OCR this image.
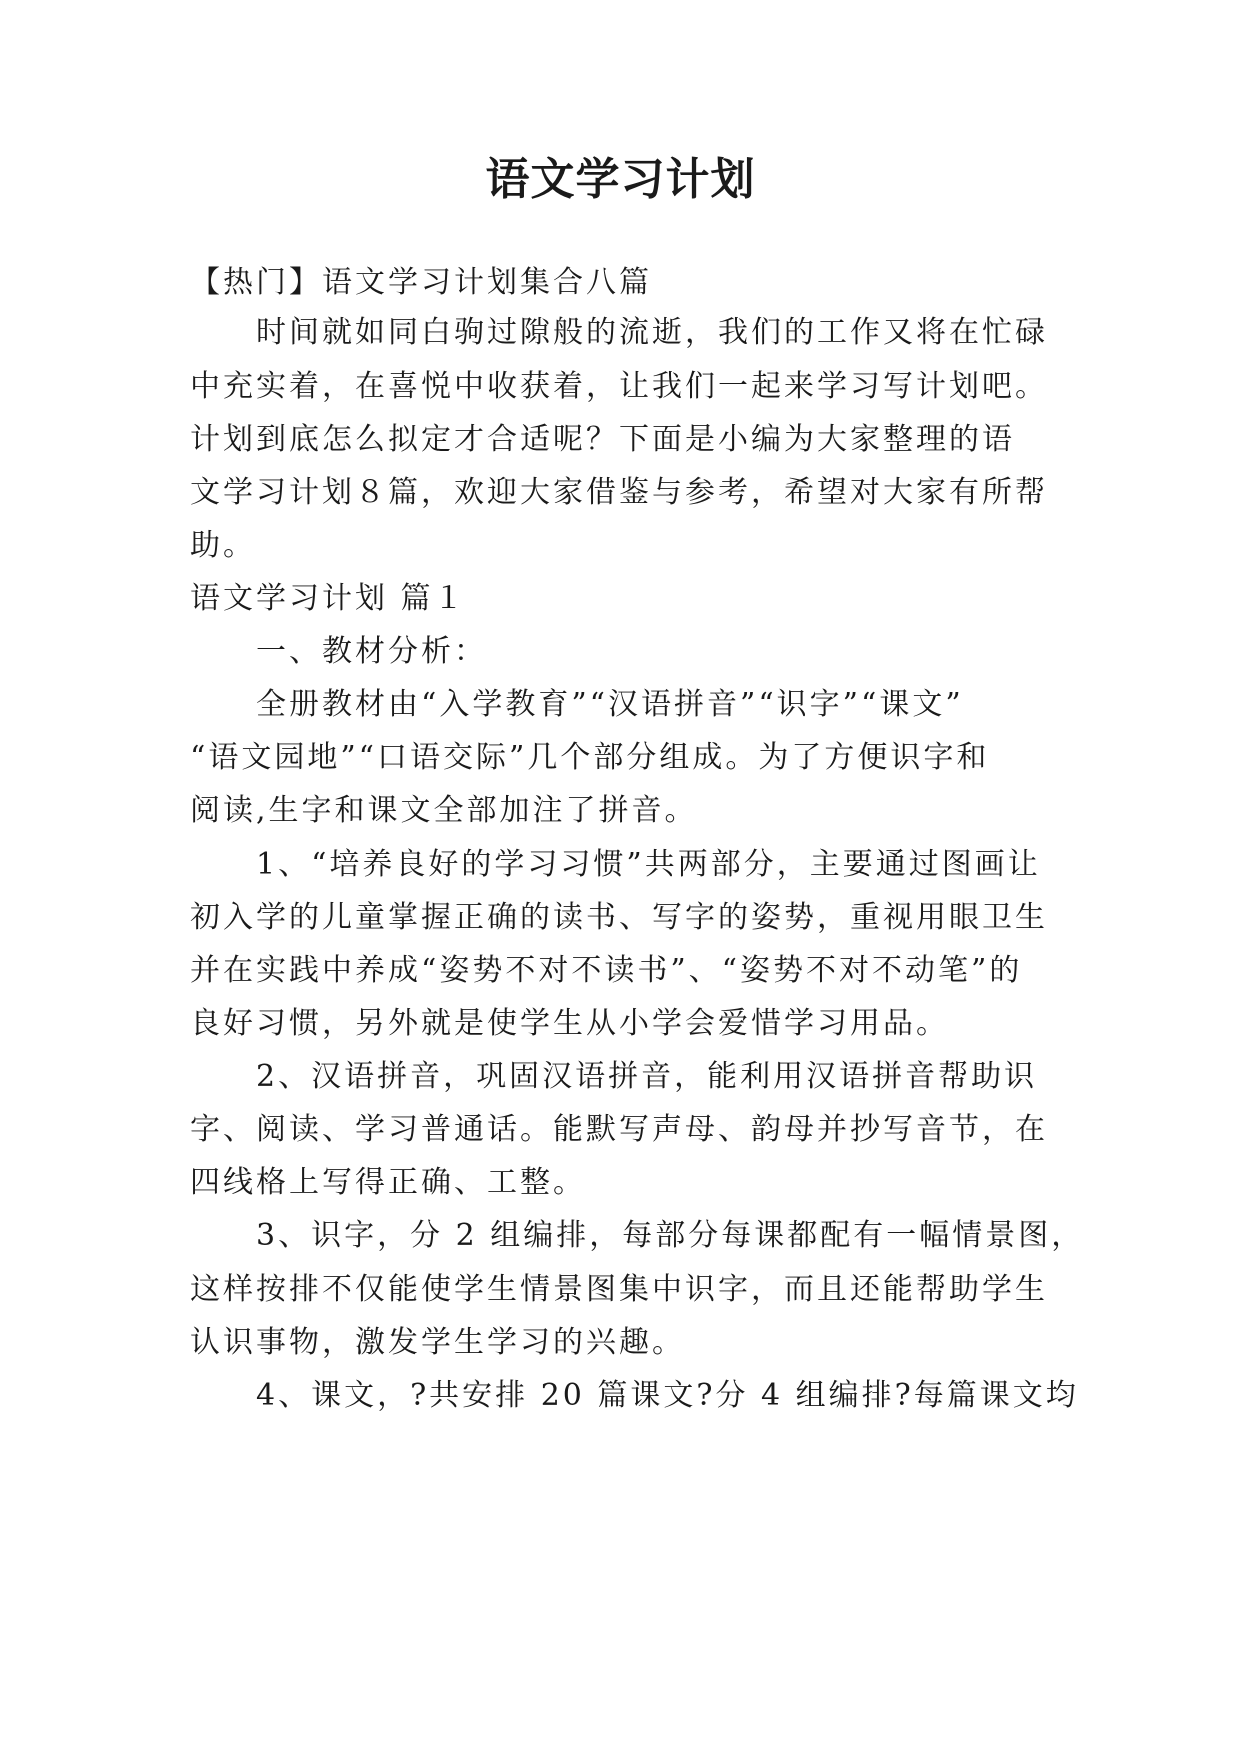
语文学习计划
【热门】语文学习计划集合八篇
时间就如同白驹过隙般的流逝，我们的工作又将在忙碌
中充实着，在喜悦中收获着，让我们一起来学习写计划吧。
计划到底怎么拟定才合适呢？下面是小编为大家整理的语
文学习计划８篇，欢迎大家借鉴与参考，希望对大家有所帮
助。
语文学习计划 篇１
一、教材分析：
全册教材由“入学教育”“汉语拼音”“识字”“课文”
“语文园地”“口语交际”几个部分组成。为了方便识字和
阅读,生字和课文全部加注了拼音。
1、“培养良好的学习习惯”共两部分，主要通过图画让
初入学的儿童掌握正确的读书、写字的姿势，重视用眼卫生
并在实践中养成“姿势不对不读书”、“姿势不对不动笔”的
良好习惯，另外就是使学生从小学会爱惜学习用品。
2、汉语拼音，巩固汉语拼音，能利用汉语拼音帮助识
字、阅读、学习普通话。能默写声母、韵母并抄写音节，在
四线格上写得正确、工整。
3、识字，分 2 组编排，每部分每课都配有一幅情景图，
这样按排不仅能使学生情景图集中识字，而且还能帮助学生
认识事物，激发学生学习的兴趣。
4、课文，?共安排 20 篇课文?分 4 组编排?每篇课文均
